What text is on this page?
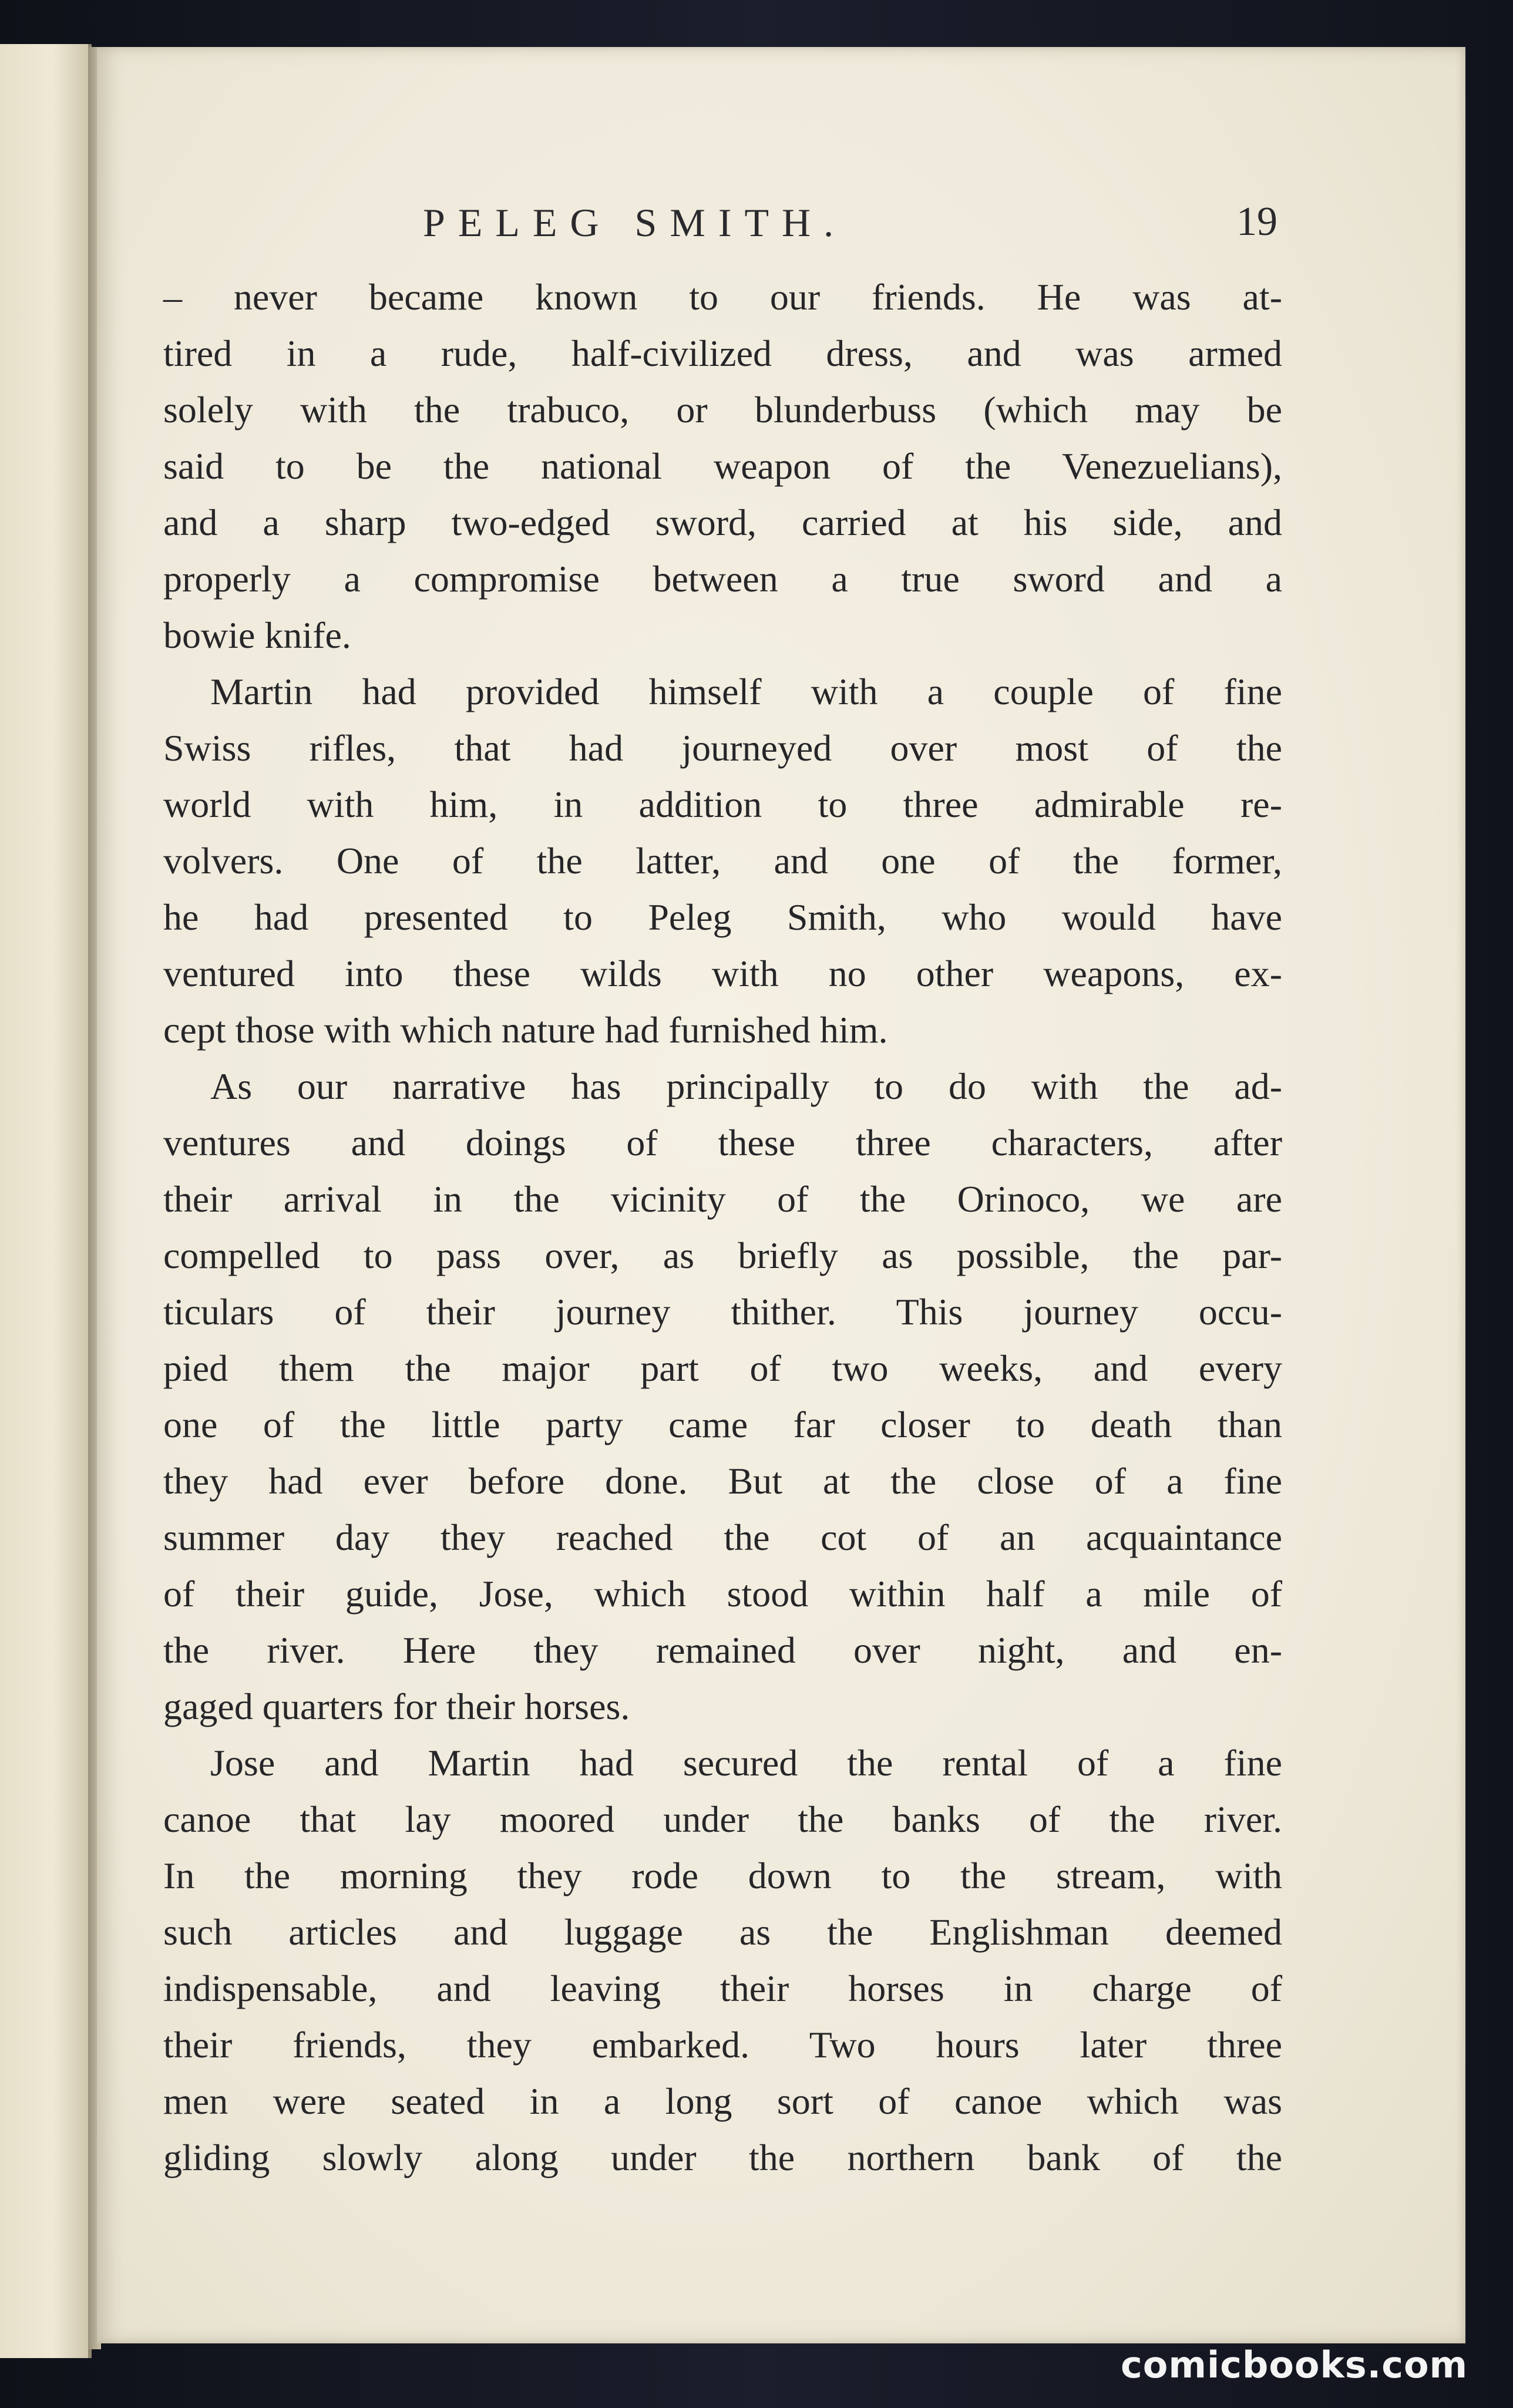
PELEG SMITH.	19
– never became known to our friends. He was at-
tired in a rude, half-civilized dress, and was armed
solely with the trabuco, or blunderbuss (which may be
said to be the national weapon of the Venezuelians),
and a sharp two-edged sword, carried at his side, and
properly a compromise between a true sword and a
bowie knife.
Martin had provided himself with a couple of fine
Swiss rifles, that had journeyed over most of the
world with him, in addition to three admirable re-
volvers. One of the latter, and one of the former,
he had presented to Peleg Smith, who would have
ventured into these wilds with no other weapons, ex-
cept those with which nature had furnished him.
As our narrative has principally to do with the ad-
ventures and doings of these three characters, after
their arrival in the vicinity of the Orinoco, we are
compelled to pass over, as briefly as possible, the par-
ticulars of their journey thither. This journey occu-
pied them the major part of two weeks, and every
one of the little party came far closer to death than
they had ever before done. But at the close of a fine
summer day they reached the cot of an acquaintance
of their guide, Jose, which stood within half a mile of
the river. Here they remained over night, and en-
gaged quarters for their horses.
Jose and Martin had secured the rental of a fine
canoe that lay moored under the banks of the river.
In the morning they rode down to the stream, with
such articles and luggage as the Englishman deemed
indispensable, and leaving their horses in charge of
their friends, they embarked. Two hours later three
men were seated in a long sort of canoe which was
gliding slowly along under the northern bank of the
comicbooks.com
